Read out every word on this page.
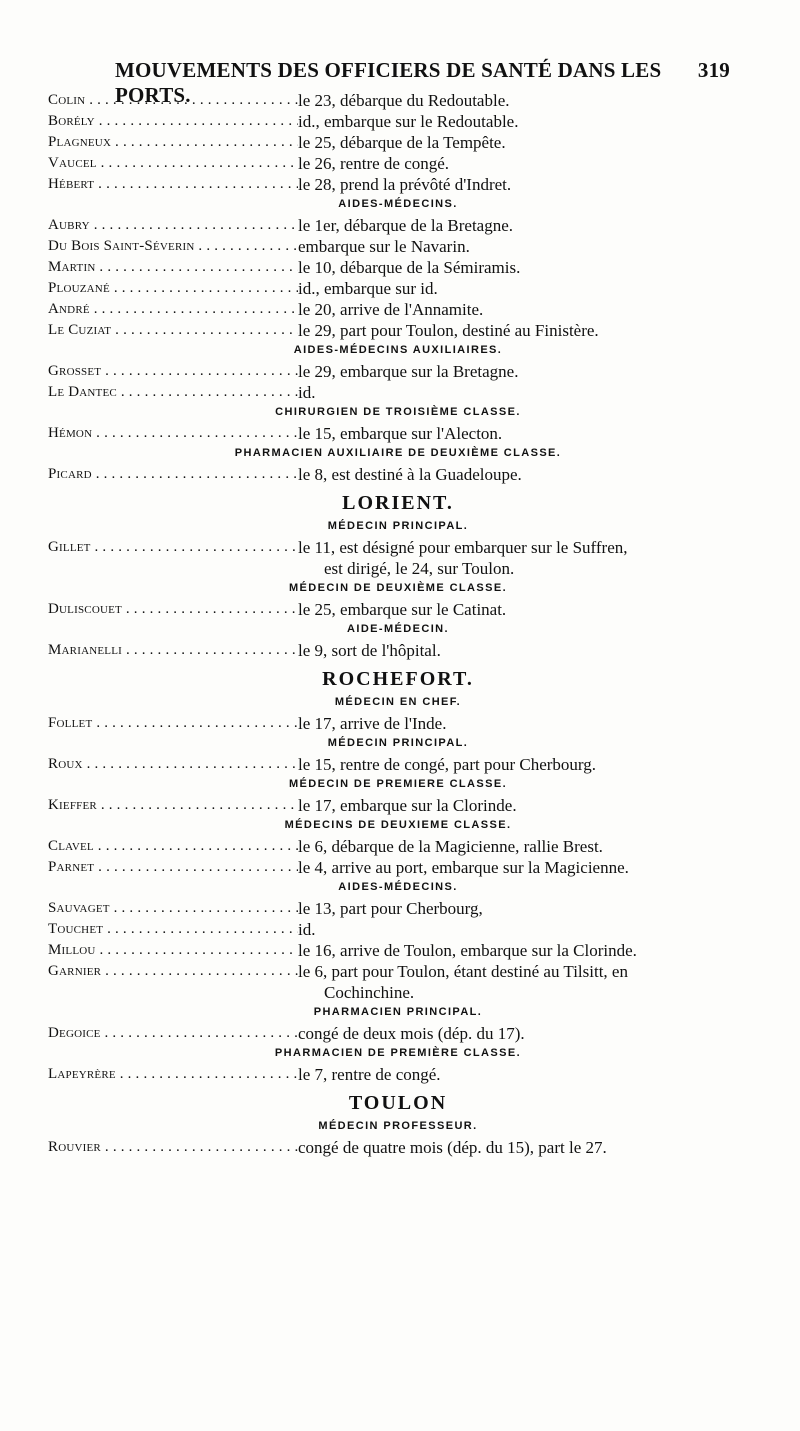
MOUVEMENTS DES OFFICIERS DE SANTÉ DANS LES PORTS.
319
Colin . . .	le 23, débarque du Redoutable.
Borély . . .	id., embarque sur le Redoutable.
Plagneux . . .	le 25, débarque de la Tempête.
Vaucel . . .	le 26, rentre de congé.
Hébert . . .	le 28, prend la prévôté d'Indret.
AIDES-MÉDECINS.
Aubry . . .	le 1er, débarque de la Bretagne.
Du Bois Saint-Séverin . . .	embarque sur le Navarin.
Martin . . .	le 10, débarque de la Sémiramis.
Plouzané . . .	id., embarque sur id.
André . . .	le 20, arrive de l'Annamite.
Le Cuziat . . .	le 29, part pour Toulon, destiné au Finistère.
AIDES-MÉDECINS AUXILIAIRES.
Grosset . . .	le 29, embarque sur la Bretagne.
Le Dantec . . .	id.
CHIRURGIEN DE TROISIÈME CLASSE.
Hémon . . .	le 15, embarque sur l'Alecton.
PHARMACIEN AUXILIAIRE DE DEUXIÈME CLASSE.
Picard . . .	le 8, est destiné à la Guadeloupe.
LORIENT.
MÉDECIN PRINCIPAL.
Gillet . . .	le 11, est désigné pour embarquer sur le Suffren,
est dirigé, le 24, sur Toulon.
MÉDECIN DE DEUXIÈME CLASSE.
Duliscouet . . .	le 25, embarque sur le Catinat.
AIDE-MÉDECIN.
Marianelli . . .	le 9, sort de l'hôpital.
ROCHEFORT.
MÉDECIN EN CHEF.
Follet . . .	le 17, arrive de l'Inde.
MÉDECIN PRINCIPAL.
Roux . . .	le 15, rentre de congé, part pour Cherbourg.
MÉDECIN DE PREMIERE CLASSE.
Kieffer . . .	le 17, embarque sur la Clorinde.
MÉDECINS DE DEUXIEME CLASSE.
Clavel . . .	le 6, débarque de la Magicienne, rallie Brest.
Parnet . . .	le 4, arrive au port, embarque sur la Magicienne.
AIDES-MÉDECINS.
Sauvaget . . .	le 13, part pour Cherbourg,
Touchet . . .	id.
Millou . . .	le 16, arrive de Toulon, embarque sur la Clorinde.
Garnier . . .	le 6, part pour Toulon, étant destiné au Tilsitt, en
Cochinchine.
PHARMACIEN PRINCIPAL.
Degoice . . .	congé de deux mois (dép. du 17).
PHARMACIEN DE PREMIÈRE CLASSE.
Lapeyrère . . .	le 7, rentre de congé.
TOULON
MÉDECIN PROFESSEUR.
Rouvier . . .	congé de quatre mois (dép. du 15), part le 27.
